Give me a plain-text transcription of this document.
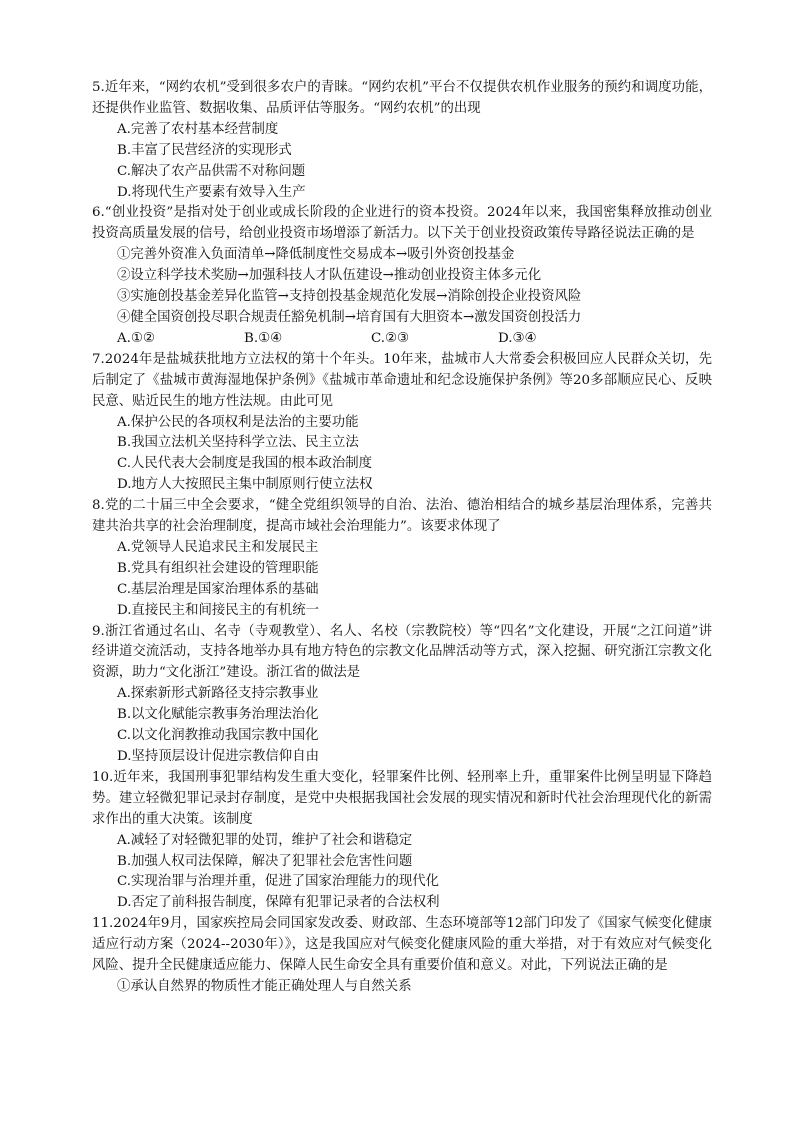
5.近年来，“网约农机”受到很多农户的青睐。“网约农机”平台不仅提供农机作业服务的预约和调度功能，还提供作业监管、数据收集、品质评估等服务。“网约农机”的出现

A.完善了农村基本经营制度

B.丰富了民营经济的实现形式

C.解决了农产品供需不对称问题

D.将现代生产要素有效导入生产

6.“创业投资”是指对处于创业或成长阶段的企业进行的资本投资。2024年以来，我国密集释放推动创业投资高质量发展的信号，给创业投资市场增添了新活力。以下关于创业投资政策传导路径说法正确的是

①完善外资准入负面清单→降低制度性交易成本→吸引外资创投基金

②设立科学技术奖励→加强科技人才队伍建设→推动创业投资主体多元化

③实施创投基金差异化监管→支持创投基金规范化发展→消除创投企业投资风险

④健全国资创投尽职合规责任豁免机制→培育国有大胆资本→激发国资创投活力

A.①②	B.①④	C.②③	D.③④

7.2024年是盐城获批地方立法权的第十个年头。10年来，盐城市人大常委会积极回应人民群众关切，先后制定了《盐城市黄海湿地保护条例》《盐城市革命遗址和纪念设施保护条例》等20多部顺应民心、反映民意、贴近民生的地方性法规。由此可见

A.保护公民的各项权利是法治的主要功能

B.我国立法机关坚持科学立法、民主立法

C.人民代表大会制度是我国的根本政治制度

D.地方人大按照民主集中制原则行使立法权

8.党的二十届三中全会要求，“健全党组织领导的自治、法治、德治相结合的城乡基层治理体系，完善共建共治共享的社会治理制度，提高市域社会治理能力”。该要求体现了

A.党领导人民追求民主和发展民主

B.党具有组织社会建设的管理职能

C.基层治理是国家治理体系的基础

D.直接民主和间接民主的有机统一

9.浙江省通过名山、名寺（寺观教堂）、名人、名校（宗教院校）等“四名”文化建设，开展“之江问道”讲经讲道交流活动，支持各地举办具有地方特色的宗教文化品牌活动等方式，深入挖掘、研究浙江宗教文化资源，助力“文化浙江”建设。浙江省的做法是

A.探索新形式新路径支持宗教事业

B.以文化赋能宗教事务治理法治化

C.以文化润教推动我国宗教中国化

D.坚持顶层设计促进宗教信仰自由

10.近年来，我国刑事犯罪结构发生重大变化，轻罪案件比例、轻刑率上升，重罪案件比例呈明显下降趋势。建立轻微犯罪记录封存制度，是党中央根据我国社会发展的现实情况和新时代社会治理现代化的新需求作出的重大决策。该制度

A.减轻了对轻微犯罪的处罚，维护了社会和谐稳定

B.加强人权司法保障，解决了犯罪社会危害性问题

C.实现治罪与治理并重，促进了国家治理能力的现代化

D.否定了前科报告制度，保障有犯罪记录者的合法权利

11.2024年9月，国家疾控局会同国家发改委、财政部、生态环境部等12部门印发了《国家气候变化健康适应行动方案（2024--2030年）》，这是我国应对气候变化健康风险的重大举措，对于有效应对气候变化风险、提升全民健康适应能力、保障人民生命安全具有重要价值和意义。对此，下列说法正确的是

①承认自然界的物质性才能正确处理人与自然关系
